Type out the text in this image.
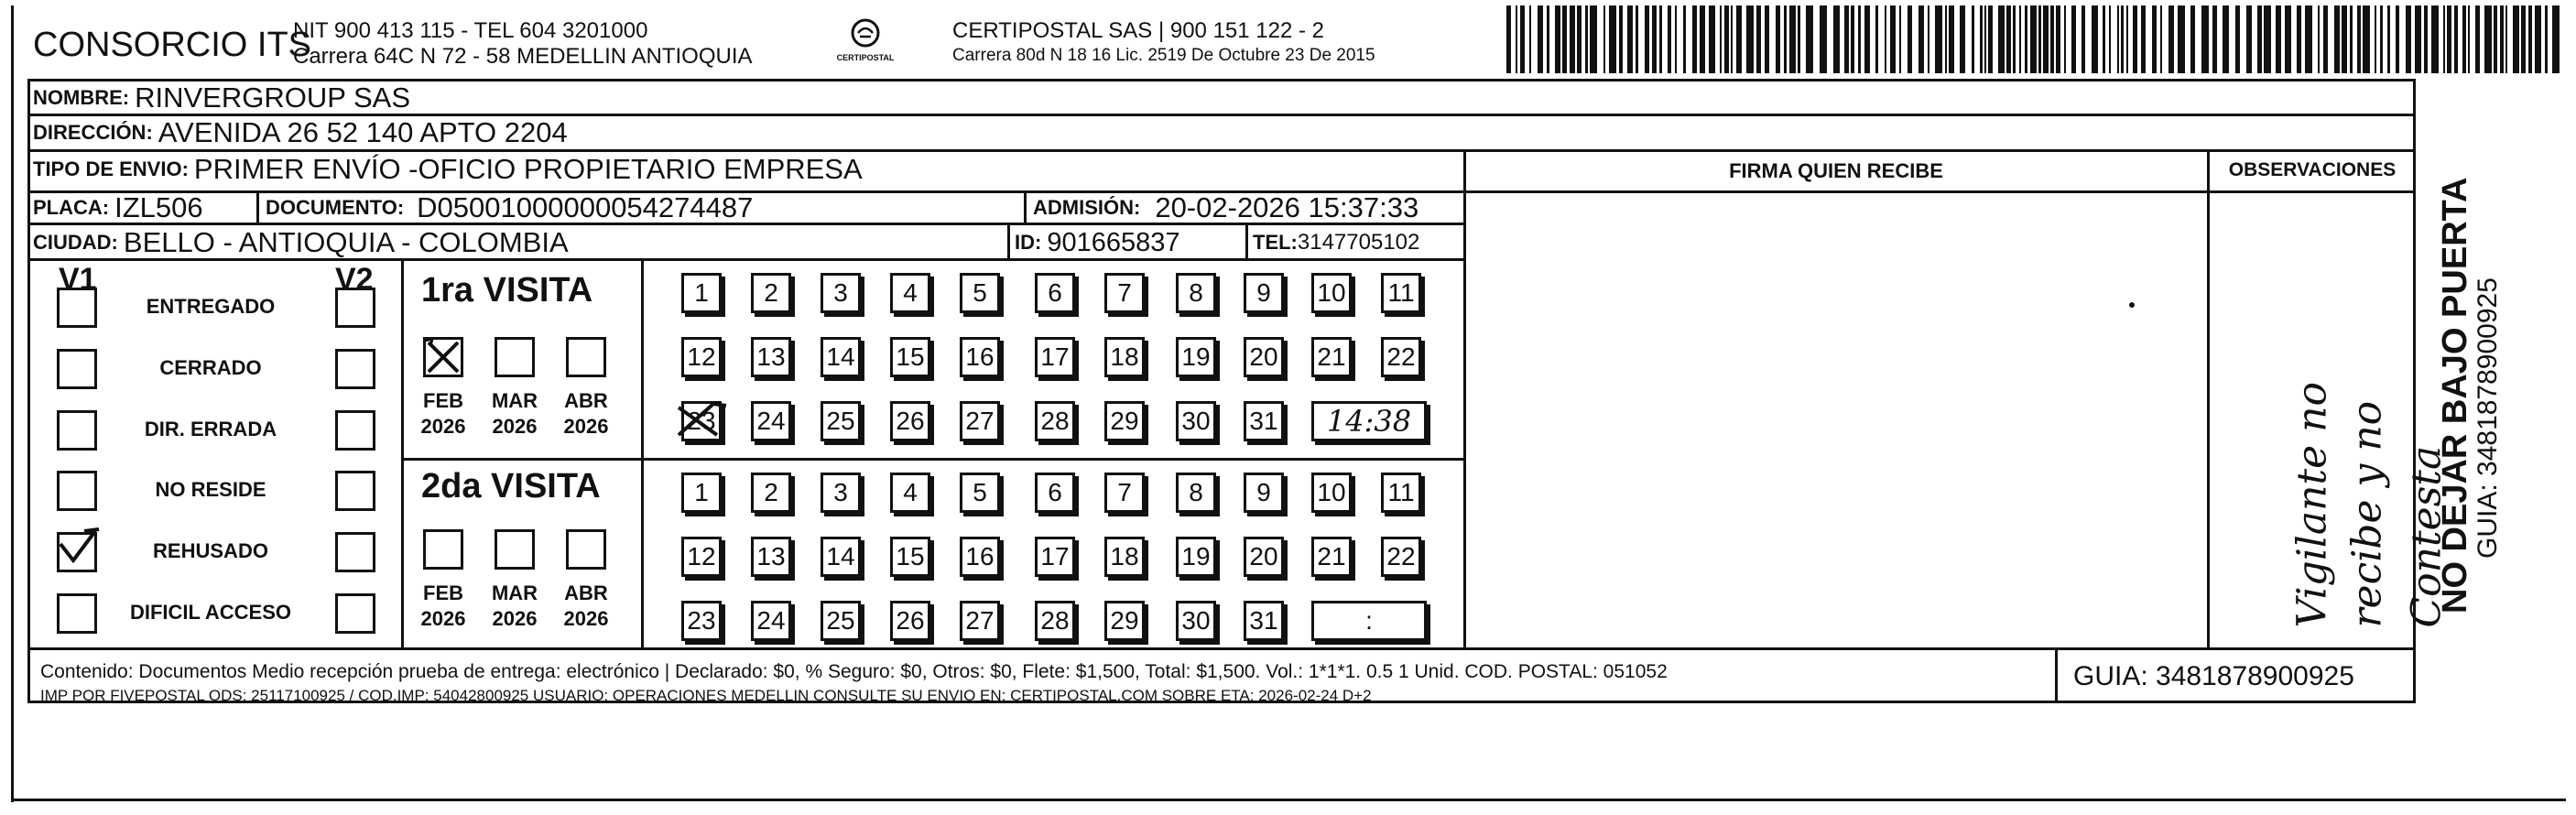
CONSORCIO ITS
NIT 900 413 115 - TEL 604 3201000
Carrera 64C N 72 - 58 MEDELLIN ANTIOQUIA	CERTIPOSTAL
CERTIPOSTAL SAS | 900 151 122 - 2
Carrera 80d N 18 16 Lic. 2519 De Octubre 23 De 2015
NOMBRE: RINVERGROUP SAS
DIRECCIÓN: AVENIDA 26 52 140 APTO 2204
TIPO DE ENVIO: PRIMER ENVÍO -OFICIO PROPIETARIO EMPRESA
PLACA: IZL506	DOCUMENTO: D05001000000054274487	ADMISIÓN: 20-02-2026 15:37:33
CIUDAD: BELLO - ANTIOQUIA - COLOMBIA	ID: 901665837	TEL: 3147705102
FIRMA QUIEN RECIBE	OBSERVACIONES
V1	V2
ENTREGADO
CERRADO
DIR. ERRADA
NO RESIDE
REHUSADO
DIFICIL ACCESO
1ra VISITA
FEB
2026
MAR
2026
ABR
2026
1	2	3	4	5	6	7	8	9	10 11
12 13 14 15 16 17 18 19 20 21 22
23 24 25 26 27 28 29 30 31	14:38
2da VISITA
FEB
2026
MAR
2026
ABR
2026
1	2	3	4	5	6	7	8	9	10 11
12 13 14 15 16 17 18 19 20 21 22
23 24 25 26 27 28 29 30 31	:	Vigilante no recibe y no Contesta
Contenido: Documentos Medio recepción prueba de entrega: electrónico | Declarado: $0, % Seguro: $0, Otros: $0, Flete: $1,500, Total: $1,500. Vol.: 1*1*1. 0.5 1 Unid. COD. POSTAL: 051052
IMP POR FIVEPOSTAL ODS: 25117100925 / COD.IMP: 54042800925 USUARIO: OPERACIONES MEDELLIN CONSULTE SU ENVIO EN: CERTIPOSTAL.COM SOBRE ETA: 2026-02-24 D+2
GUIA: 3481878900925
NO DEJAR BAJO PUERTA
GUIA: 3481878900925
